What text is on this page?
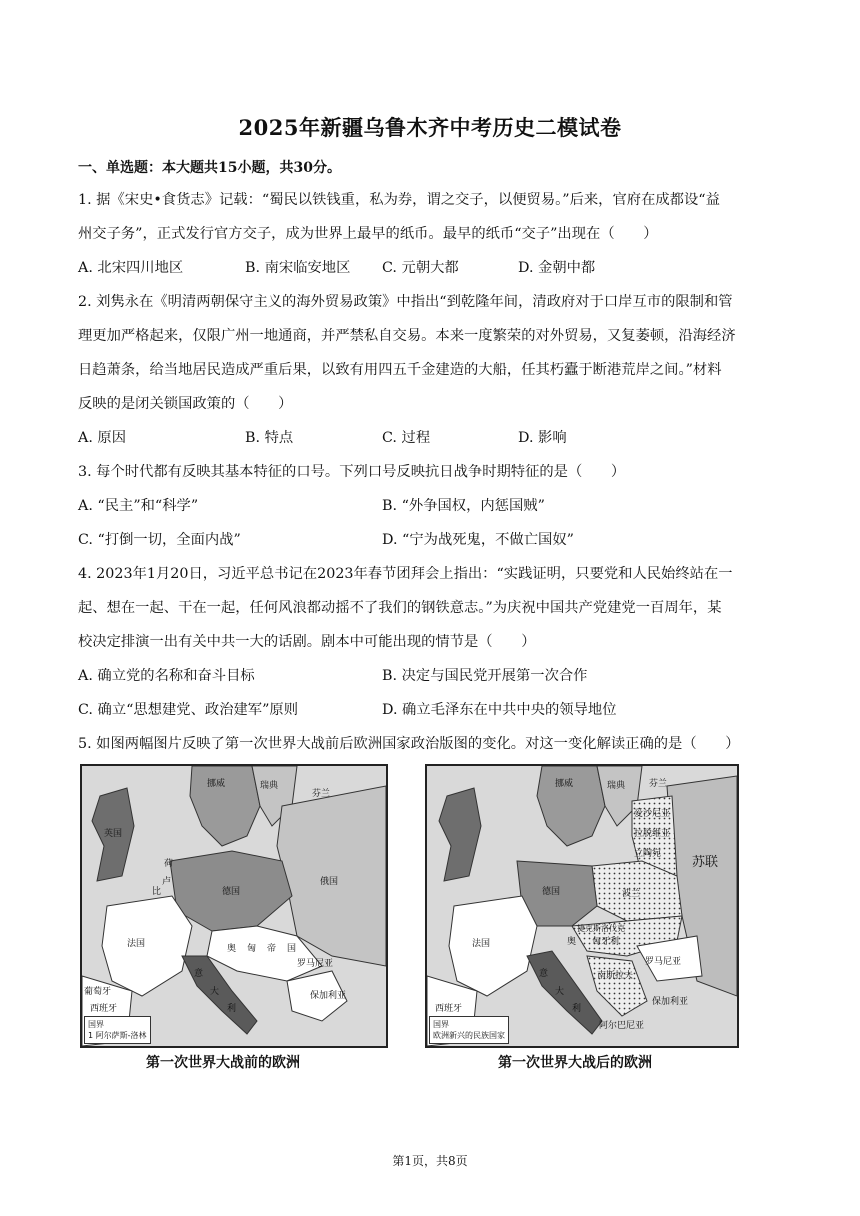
2025年新疆乌鲁木齐中考历史二模试卷
一、单选题：本大题共15小题，共30分。
1. 据《宋史•食货志》记载：“蜀民以铁钱重，私为券，谓之交子，以便贸易。”后来，官府在成都设“益
州交子务”，正式发行官方交子，成为世界上最早的纸币。最早的纸币“交子”出现在（　　）
A. 北宋四川地区	B. 南宋临安地区 C. 元朝大都	D. 金朝中都
2. 刘隽永在《明清两朝保守主义的海外贸易政策》中指出“到乾隆年间，清政府对于口岸互市的限制和管
理更加严格起来，仅限广州一地通商，并严禁私自交易。本来一度繁荣的对外贸易，又复萎顿，沿海经济
日趋萧条，给当地居民造成严重后果，以致有用四五千金建造的大船，任其朽蠹于断港荒岸之间。”材料
反映的是闭关锁国政策的（　　）
A. 原因	B. 特点	C. 过程	D. 影响
3. 每个时代都有反映其基本特征的口号。下列口号反映抗日战争时期特征的是（　　）
A. “民主”和“科学”	B. “外争国权，内惩国贼”
C. “打倒一切，全面内战”	D. “宁为战死鬼，不做亡国奴”
4. 2023年1月20日，习近平总书记在2023年春节团拜会上指出：“实践证明，只要党和人民始终站在一
起、想在一起、干在一起，任何风浪都动摇不了我们的钢铁意志。”为庆祝中国共产党建党一百周年，某
校决定排演一出有关中共一大的话剧。剧本中可能出现的情节是（　　）
A. 确立党的名称和奋斗目标	B. 决定与国民党开展第一次合作
C. 确立“思想建党、政治建军”原则	D. 确立毛泽东在中共中央的领导地位
5. 如图两幅图片反映了第一次世界大战前后欧洲国家政治版图的变化。对这一变化解读正确的是（　　）
挪威	瑞典
德国
俄国
法国	奥 匈 帝 国
罗马尼亚
保加利亚
意
大
利
西班牙
葡萄牙
卢
比
荷
英国
芬兰
国界
1 阿尔萨斯-洛林
第一次世界大战前的欧洲
挪威	瑞典
苏联
德国	波兰
法国	匈牙利
罗马尼亚
保加利亚
意
大
利
奥
南斯拉夫
阿尔巴尼亚
立陶宛
拉脱维亚
爱沙尼亚
芬兰
捷克斯洛伐克
西班牙
国界
欧洲新兴的民族国家
第一次世界大战后的欧洲
第1页，共8页
